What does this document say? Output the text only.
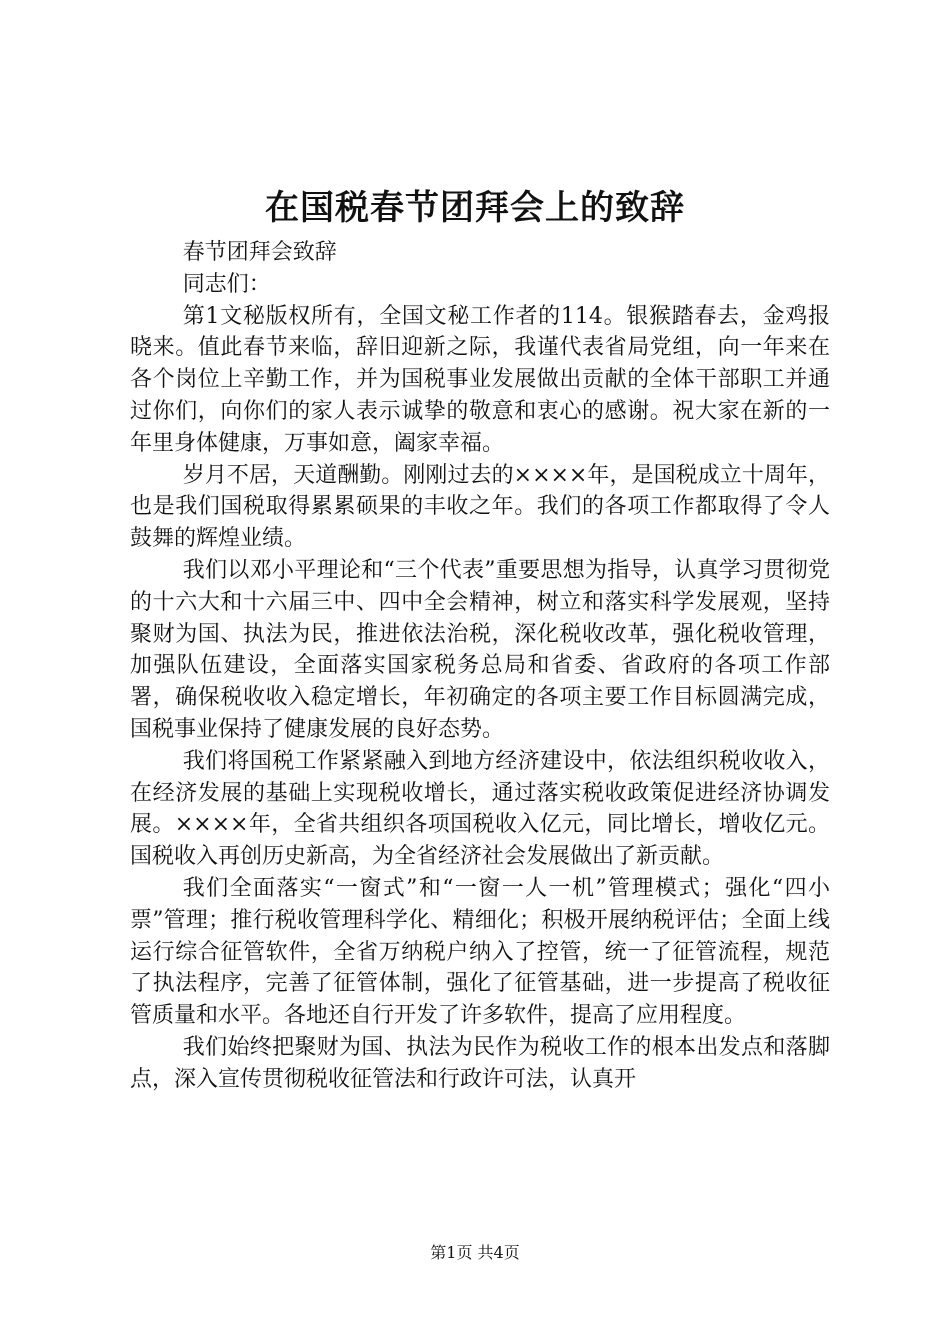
在国税春节团拜会上的致辞

春节团拜会致辞

同志们：

第1文秘版权所有，全国文秘工作者的114。银猴踏春去，金鸡报晓来。值此春节来临，辞旧迎新之际，我谨代表省局党组，向一年来在各个岗位上辛勤工作，并为国税事业发展做出贡献的全体干部职工并通过你们，向你们的家人表示诚挚的敬意和衷心的感谢。祝大家在新的一年里身体健康，万事如意，阖家幸福。

岁月不居，天道酬勤。刚刚过去的××××年，是国税成立十周年，也是我们国税取得累累硕果的丰收之年。我们的各项工作都取得了令人鼓舞的辉煌业绩。

我们以邓小平理论和“三个代表”重要思想为指导，认真学习贯彻党的十六大和十六届三中、四中全会精神，树立和落实科学发展观，坚持聚财为国、执法为民，推进依法治税，深化税收改革，强化税收管理，加强队伍建设，全面落实国家税务总局和省委、省政府的各项工作部署，确保税收收入稳定增长，年初确定的各项主要工作目标圆满完成，国税事业保持了健康发展的良好态势。

我们将国税工作紧紧融入到地方经济建设中，依法组织税收收入，在经济发展的基础上实现税收增长，通过落实税收政策促进经济协调发展。××××年，全省共组织各项国税收入亿元，同比增长，增收亿元。国税收入再创历史新高，为全省经济社会发展做出了新贡献。

我们全面落实“一窗式”和“一窗一人一机”管理模式；强化“四小票”管理；推行税收管理科学化、精细化；积极开展纳税评估；全面上线运行综合征管软件，全省万纳税户纳入了控管，统一了征管流程，规范了执法程序，完善了征管体制，强化了征管基础，进一步提高了税收征管质量和水平。各地还自行开发了许多软件，提高了应用程度。

我们始终把聚财为国、执法为民作为税收工作的根本出发点和落脚点，深入宣传贯彻税收征管法和行政许可法，认真开

第1页 共4页
